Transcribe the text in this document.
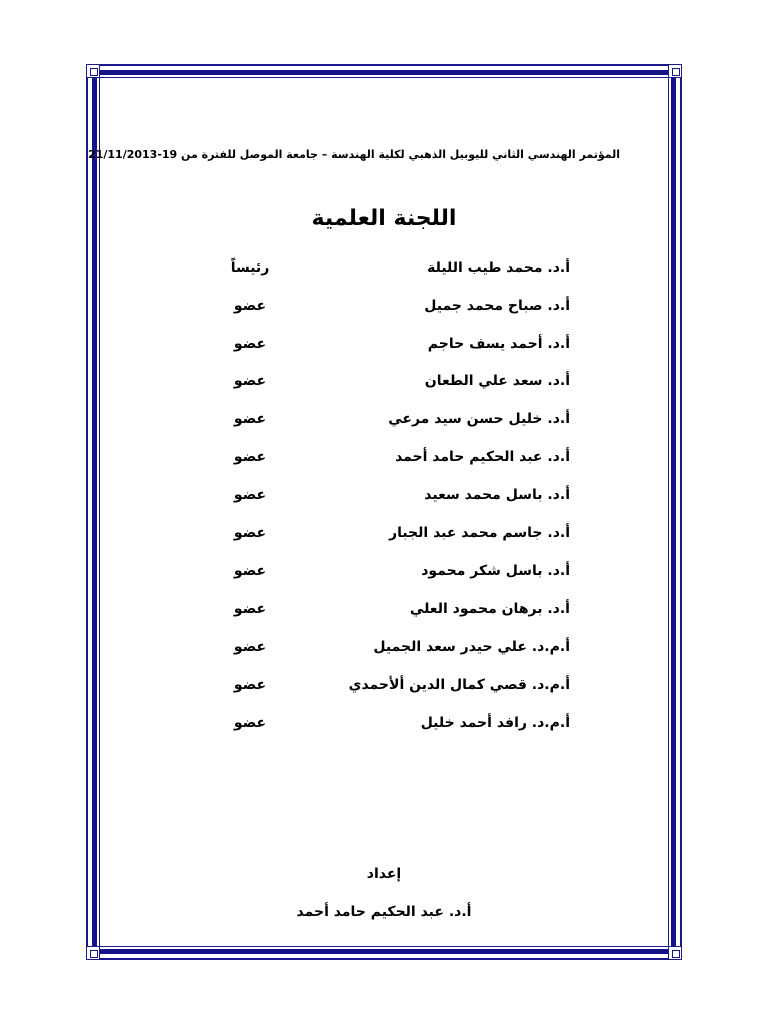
المؤتمر الهندسي الثاني لليوبيل الذهبي لكلية الهندسة – جامعة الموصل للفترة من 19-21/11/2013
اللجنة العلمية
أ.د. محمد طيب الليلة
رئيساً
أ.د. صباح محمد جميل
عضو
أ.د. أحمد يسف حاجم
عضو
أ.د. سعد علي الطعان
عضو
أ.د. خليل حسن سيد مرعي
عضو
أ.د. عبد الحكيم حامد أحمد
عضو
أ.د. باسل محمد سعيد
عضو
أ.د. جاسم محمد عبد الجبار
عضو
أ.د. باسل شكر محمود
عضو
أ.د. برهان محمود العلي
عضو
أ.م.د. علي حيدر سعد الجميل
عضو
أ.م.د. قصي كمال الدين ألأحمدي
عضو
أ.م.د. رافد أحمد خليل
عضو
إعداد
أ.د. عبد الحكيم حامد أحمد
